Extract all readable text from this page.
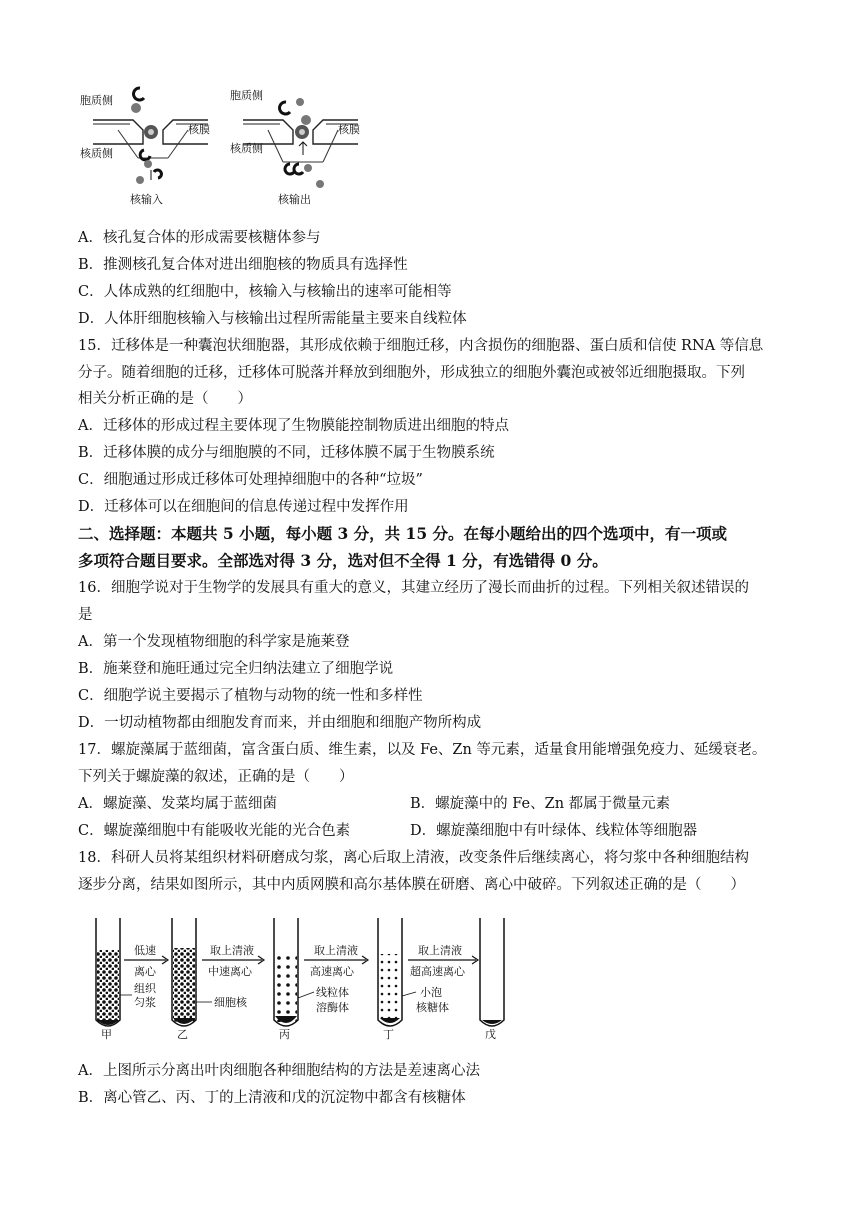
胞质侧
核膜
核质侧
核输入
胞质侧
核膜
核质侧
核输出
A．核孔复合体的形成需要核糖体参与
B．推测核孔复合体对进出细胞核的物质具有选择性
C．人体成熟的红细胞中，核输入与核输出的速率可能相等
D．人体肝细胞核输入与核输出过程所需能量主要来自线粒体
15．迁移体是一种囊泡状细胞器，其形成依赖于细胞迁移，内含损伤的细胞器、蛋白质和信使 RNA 等信息
分子。随着细胞的迁移，迁移体可脱落并释放到细胞外，形成独立的细胞外囊泡或被邻近细胞摄取。下列
相关分析正确的是（　　）
A．迁移体的形成过程主要体现了生物膜能控制物质进出细胞的特点
B．迁移体膜的成分与细胞膜的不同，迁移体膜不属于生物膜系统
C．细胞通过形成迁移体可处理掉细胞中的各种“垃圾”
D．迁移体可以在细胞间的信息传递过程中发挥作用
二、选择题：本题共 5 小题，每小题 3 分，共 15 分。在每小题给出的四个选项中，有一项或
多项符合题目要求。全部选对得 3 分，选对但不全得 1 分，有选错得 0 分。
16．细胞学说对于生物学的发展具有重大的意义，其建立经历了漫长而曲折的过程。下列相关叙述错误的
是
A．第一个发现植物细胞的科学家是施莱登
B．施莱登和施旺通过完全归纳法建立了细胞学说
C．细胞学说主要揭示了植物与动物的统一性和多样性
D．一切动植物都由细胞发育而来，并由细胞和细胞产物所构成
17．螺旋藻属于蓝细菌，富含蛋白质、维生素，以及 Fe、Zn 等元素，适量食用能增强免疫力、延缓衰老。
下列关于螺旋藻的叙述，正确的是（　　）
A．螺旋藻、发菜均属于蓝细菌	B．螺旋藻中的 Fe、Zn 都属于微量元素
C．螺旋藻细胞中有能吸收光能的光合色素	D．螺旋藻细胞中有叶绿体、线粒体等细胞器
18．科研人员将某组织材料研磨成匀浆，离心后取上清液，改变条件后继续离心，将匀浆中各种细胞结构
逐步分离，结果如图所示，其中内质网膜和高尔基体膜在研磨、离心中破碎。下列叙述正确的是（　　）
甲
低速
离心
组织
匀浆
乙
取上清液
中速离心
细胞核
丙
取上清液
高速离心
线粒体
溶酶体
丁
取上清液
超高速离心
小泡
核糖体
戊
A．上图所示分离出叶肉细胞各种细胞结构的方法是差速离心法
B．离心管乙、丙、丁的上清液和戊的沉淀物中都含有核糖体
